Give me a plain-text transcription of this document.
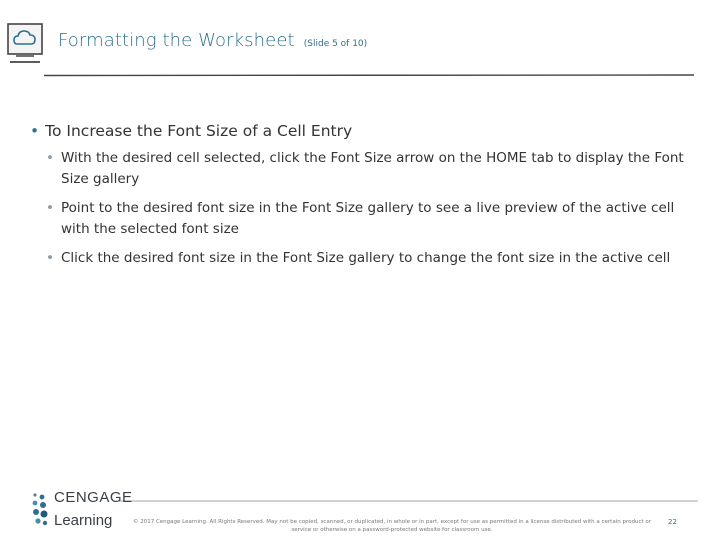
Formatting the Worksheet (Slide 5 of 10)
• To Increase the Font Size of a Cell Entry
• With the desired cell selected, click the Font Size arrow on the HOME tab to display the Font Size gallery
• Point to the desired font size in the Font Size gallery to see a live preview of the active cell with the selected font size
• Click the desired font size in the Font Size gallery to change the font size in the active cell
CENGAGE
Learning	© 2017 Cengage Learning. All Rights Reserved. May not be copied, scanned, or duplicated, in whole or in part, except for use as permitted in a license distributed with a certain product or service or otherwise on a password-protected website for classroom use.
22
